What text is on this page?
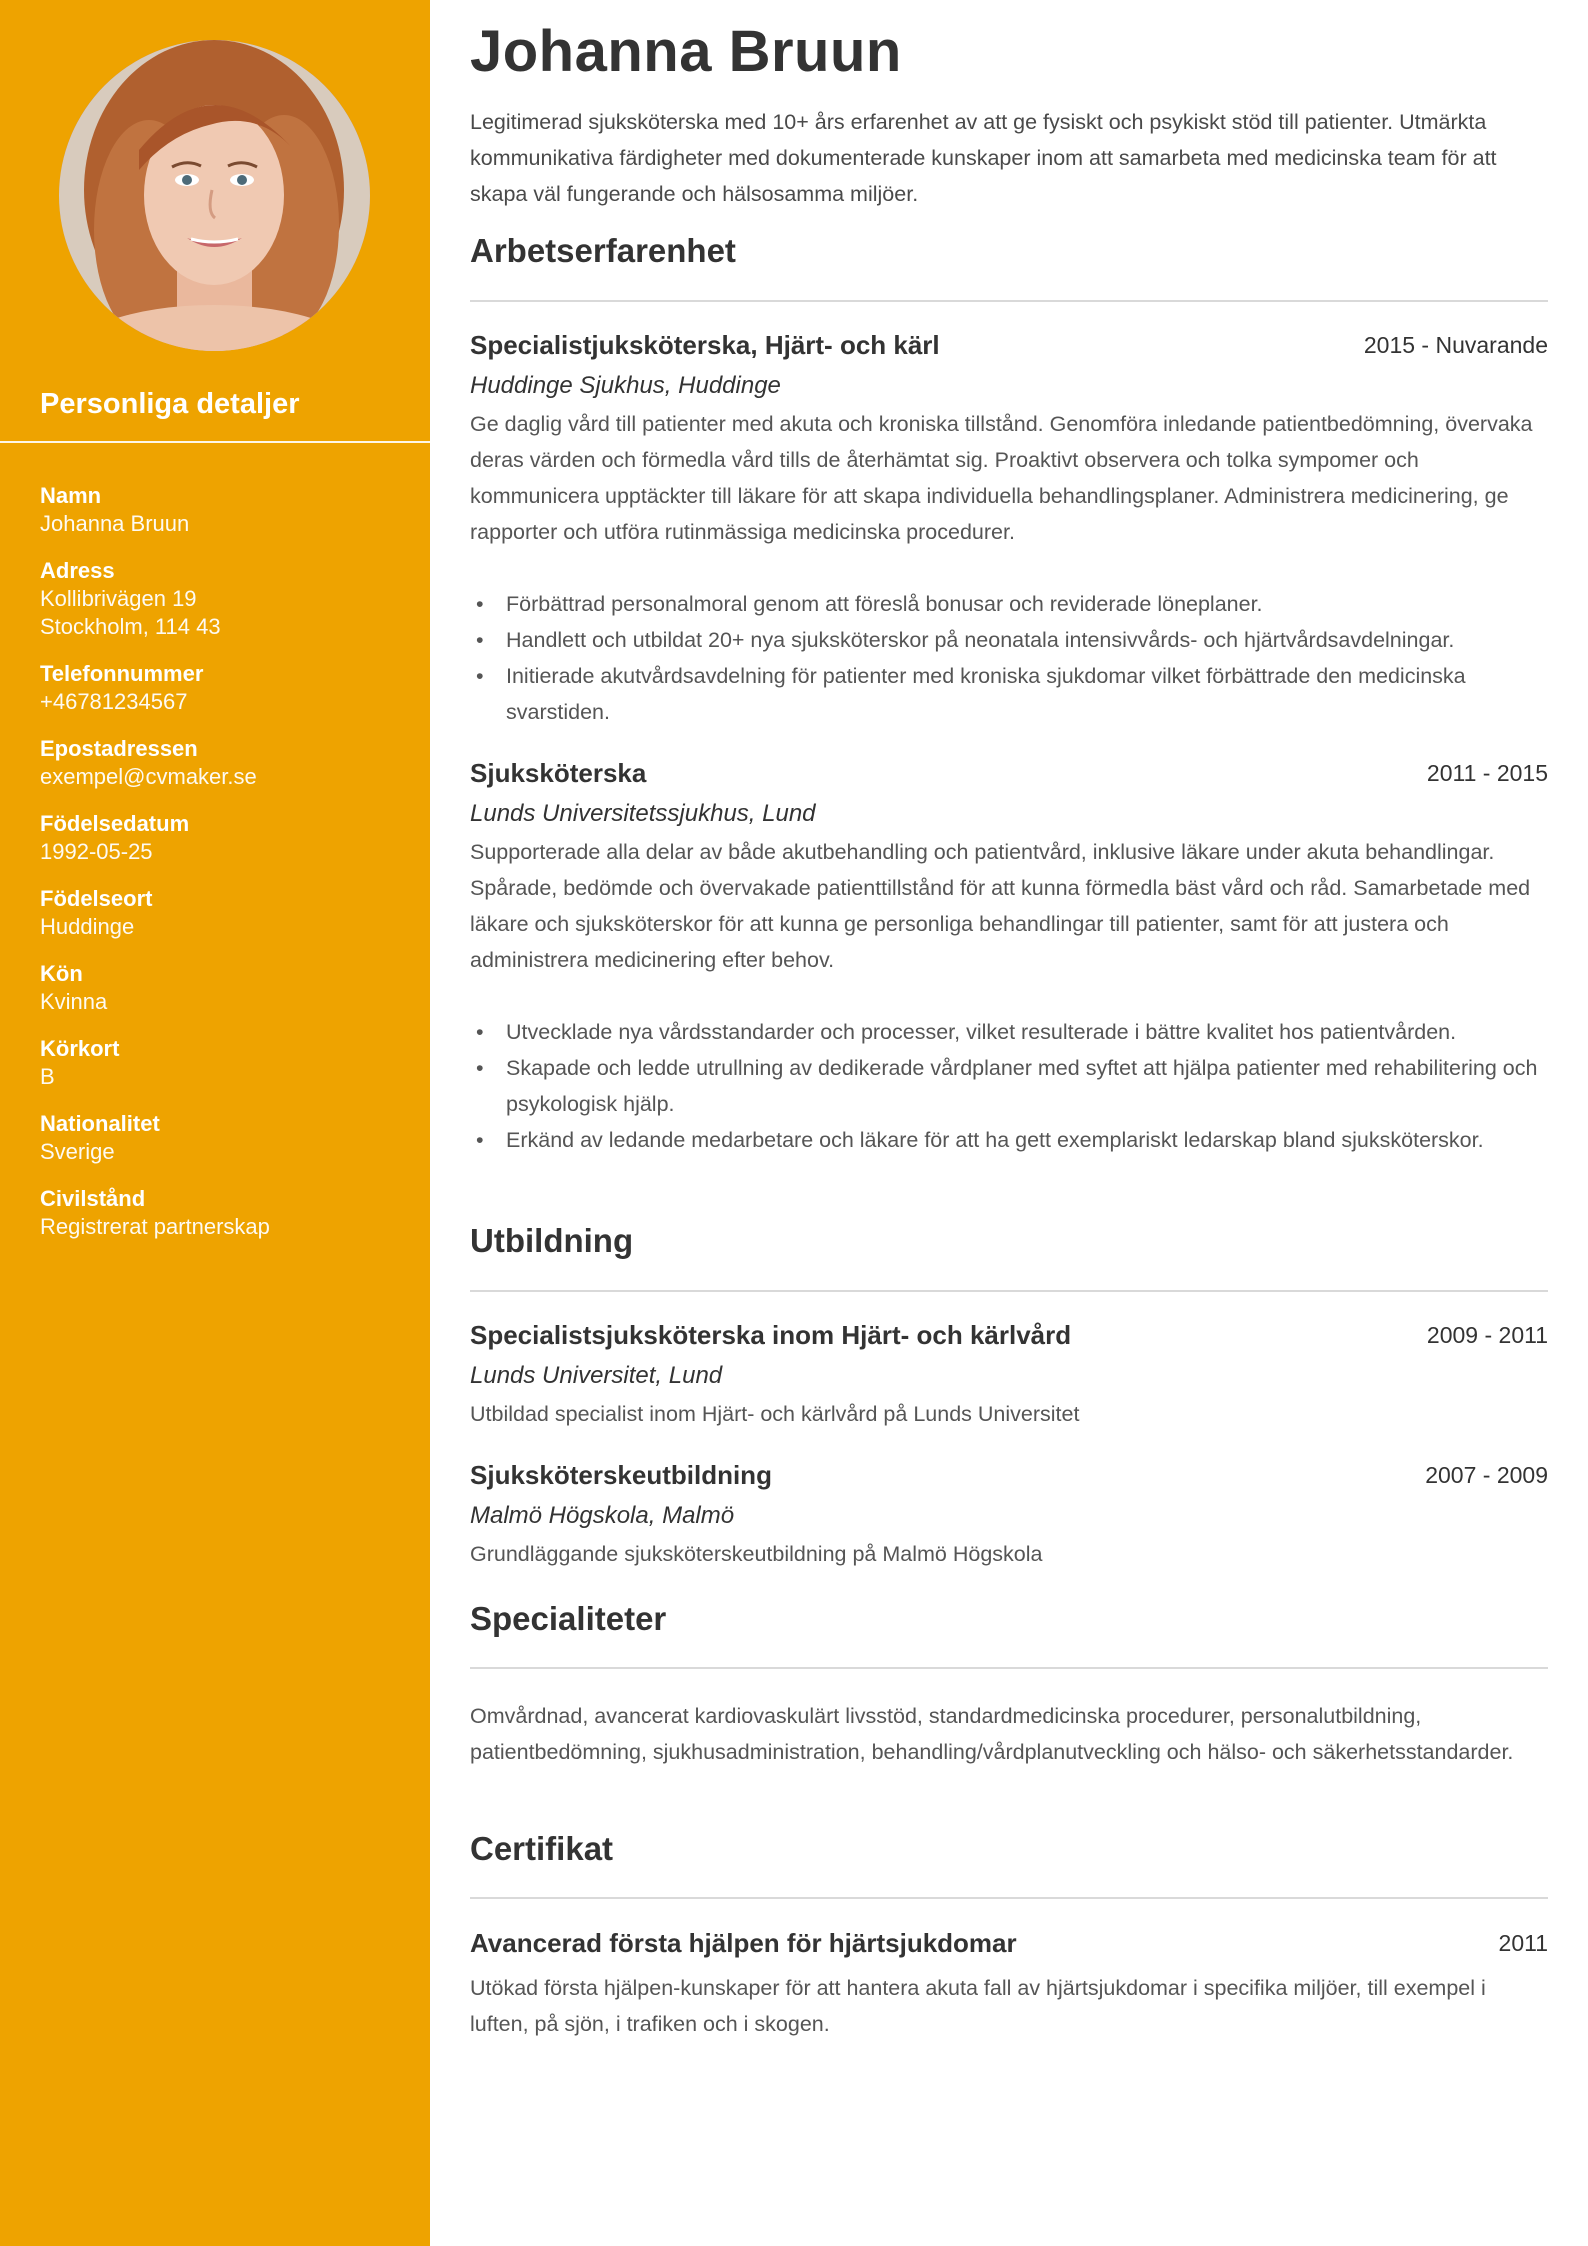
Personliga detaljer
Namn
Johanna Bruun
Adress
Kollibrivägen 19
Stockholm, 114 43
Telefonnummer
+46781234567
Epostadressen
exempel@cvmaker.se
Födelsedatum
1992-05-25
Födelseort
Huddinge
Kön
Kvinna
Körkort
B
Nationalitet
Sverige
Civilstånd
Registrerat partnerskap
Johanna Bruun

Legitimerad sjuksköterska med 10+ års erfarenhet av att ge fysiskt och psykiskt stöd till patienter. Utmärkta kommunikativa färdigheter med dokumenterade kunskaper inom att samarbeta med medicinska team för att skapa väl fungerande och hälsosamma miljöer.

Arbetserfarenhet
Specialistjuksköterska, Hjärt- och kärl	2015 - Nuvarande
Huddinge Sjukhus, Huddinge

Ge daglig vård till patienter med akuta och kroniska tillstånd. Genomföra inledande patientbedömning, övervaka deras värden och förmedla vård tills de återhämtat sig. Proaktivt observera och tolka sympomer och kommunicera upptäckter till läkare för att skapa individuella behandlingsplaner. Administrera medicinering, ge rapporter och utföra rutinmässiga medicinska procedurer.

• Förbättrad personalmoral genom att föreslå bonusar och reviderade löneplaner.
• Handlett och utbildat 20+ nya sjuksköterskor på neonatala intensivvårds- och hjärtvårdsavdelningar.
• Initierade akutvårdsavdelning för patienter med kroniska sjukdomar vilket förbättrade den medicinska svarstiden.
Sjuksköterska	2011 - 2015
Lunds Universitetssjukhus, Lund

Supporterade alla delar av både akutbehandling och patientvård, inklusive läkare under akuta behandlingar. Spårade, bedömde och övervakade patienttillstånd för att kunna förmedla bäst vård och råd. Samarbetade med läkare och sjuksköterskor för att kunna ge personliga behandlingar till patienter, samt för att justera och administrera medicinering efter behov.

• Utvecklade nya vårdsstandarder och processer, vilket resulterade i bättre kvalitet hos patientvården.
• Skapade och ledde utrullning av dedikerade vårdplaner med syftet att hjälpa patienter med rehabilitering och psykologisk hjälp.
• Erkänd av ledande medarbetare och läkare för att ha gett exemplariskt ledarskap bland sjuksköterskor.
Utbildning
Specialistsjuksköterska inom Hjärt- och kärlvård	2009 - 2011
Lunds Universitet, Lund

Utbildad specialist inom Hjärt- och kärlvård på Lunds Universitet

Sjuksköterskeutbildning	2007 - 2009
Malmö Högskola, Malmö

Grundläggande sjuksköterskeutbildning på Malmö Högskola

Specialiteter

Omvårdnad, avancerat kardiovaskulärt livsstöd, standardmedicinska procedurer, personalutbildning, patientbedömning, sjukhusadministration, behandling/vårdplanutveckling och hälso- och säkerhetsstandarder.

Certifikat
Avancerad första hjälpen för hjärtsjukdomar	2011

Utökad första hjälpen-kunskaper för att hantera akuta fall av hjärtsjukdomar i specifika miljöer, till exempel i luften, på sjön, i trafiken och i skogen.
